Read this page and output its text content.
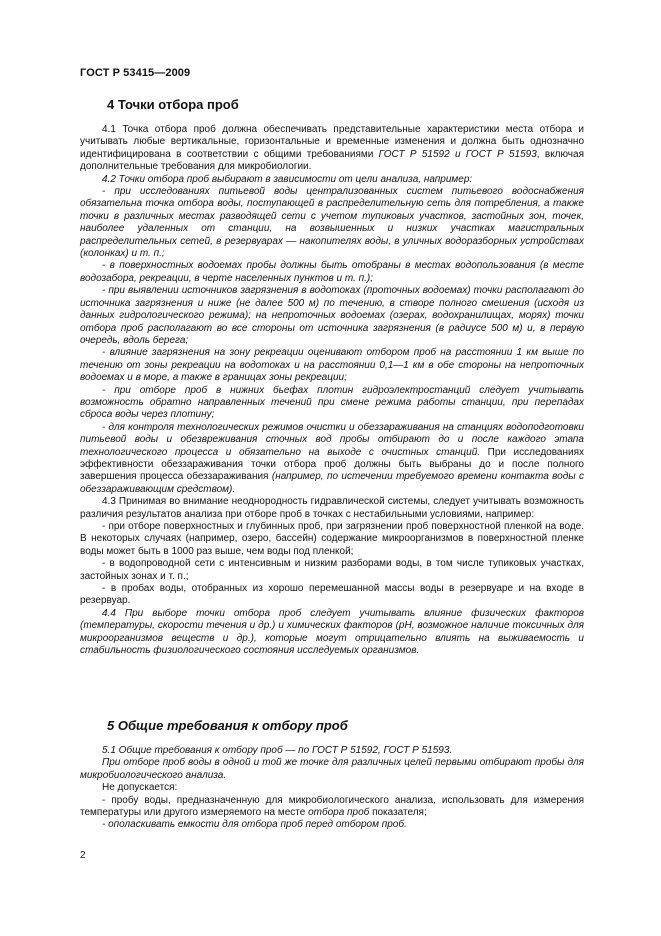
ГОСТ Р 53415—2009
4 Точки отбора проб

4.1 Точка отбора проб должна обеспечивать представительные характеристики места отбора и учитывать любые вертикальные, горизонтальные и временные изменения и должна быть однозначно идентифицирована в соответствии с общими требованиями ГОСТ Р 51592 и ГОСТ Р 51593, включая дополнительные требования для микробиологии.

4.2 Точки отбора проб выбирают в зависимости от цели анализа, например:

- при исследованиях питьевой воды централизованных систем питьевого водоснабжения обязательна точка отбора воды, поступающей в распределительную сеть для потребления, а также точки в различных местах разводящей сети с учетом тупиковых участков, застойных зон, точек, наиболее удаленных от станции, на возвышенных и низких участках магистральных распределительных сетей, в резервуарах — накопителях воды, в уличных водоразборных устройствах (колонках) и т. п.;

- в поверхностных водоемах пробы должны быть отобраны в местах водопользования (в месте водозабора, рекреации, в черте населенных пунктов и т. п.);

- при выявлении источников загрязнения в водотоках (проточных водоемах) точки располагают до источника загрязнения и ниже (не далее 500 м) по течению, в створе полного смешения (исходя из данных гидрологического режима); на непроточных водоемах (озерах, водохранилищах, морях) точки отбора проб располагают во все стороны от источника загрязнения (в радиусе 500 м) и, в первую очередь, вдоль берега;

- влияние загрязнения на зону рекреации оценивают отбором проб на расстоянии 1 км выше по течению от зоны рекреации на водотоках и на расстоянии 0,1—1 км в обе стороны на непроточных водоемах и в море, а также в границах зоны рекреации;

- при отборе проб в нижних бьефах плотин гидроэлектростанций следует учитывать возможность обратно направленных течений при смене режима работы станции, при перепадах сброса воды через плотину;

- для контроля технологических режимов очистки и обеззараживания на станциях водоподготовки питьевой воды и обезвреживания сточных вод пробы отбирают до и после каждого этапа технологического процесса и обязательно на выходе с очистных станций. При исследованиях эффективности обеззараживания точки отбора проб должны быть выбраны до и после полного завершения процесса обеззараживания (например, по истечении требуемого времени контакта воды с обеззараживающим средством).

4.3 Принимая во внимание неоднородность гидравлической системы, следует учитывать возможность различия результатов анализа при отборе проб в точках с нестабильными условиями, например:

- при отборе поверхностных и глубинных проб, при загрязнении проб поверхностной пленкой на воде. В некоторых случаях (например, озеро, бассейн) содержание микроорганизмов в поверхностной пленке воды может быть в 1000 раз выше, чем воды под пленкой;

- в водопроводной сети с интенсивным и низким разборами воды, в том числе тупиковых участках, застойных зонах и т. п.;

- в пробах воды, отобранных из хорошо перемешанной массы воды в резервуаре и на входе в резервуар.

4.4 При выборе точки отбора проб следует учитывать влияние физических факторов (температуры, скорости течения и др.) и химических факторов (рН, возможное наличие токсичных для микроорганизмов веществ и др.), которые могут отрицательно влиять на выживаемость и стабильность физиологического состояния исследуемых организмов.

5 Общие требования к отбору проб

5.1 Общие требования к отбору проб — по ГОСТ Р 51592, ГОСТ Р 51593.

При отборе проб воды в одной и той же точке для различных целей первыми отбирают пробы для микробиологического анализа.

Не допускается:

- пробу воды, предназначенную для микробиологического анализа, использовать для измерения температуры или другого измеряемого на месте отбора проб показателя;

- ополаскивать емкости для отбора проб перед отбором проб.

2
